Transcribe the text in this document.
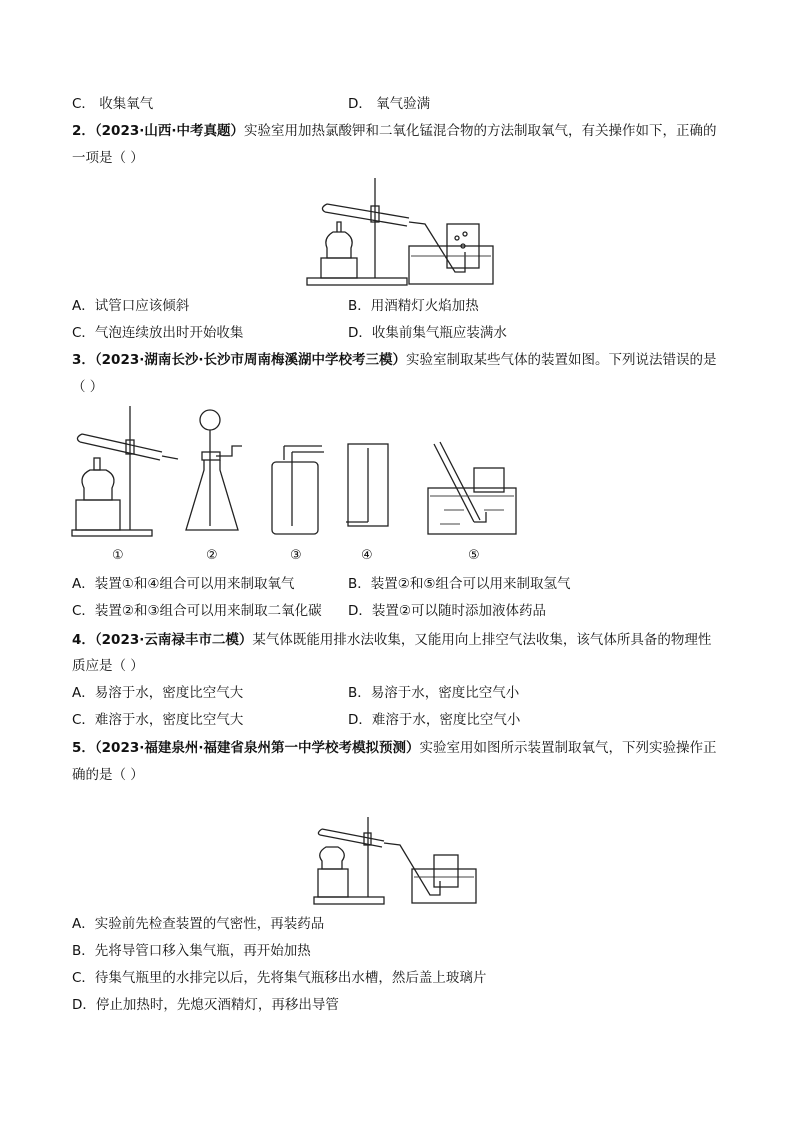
C． 收集氧气	D． 氧气验满
2．（2023·山西·中考真题）实验室用加热氯酸钾和二氧化锰混合物的方法制取氧气，有关操作如下，正确的
一项是（ ）
A．试管口应该倾斜	B．用酒精灯火焰加热
C．气泡连续放出时开始收集	D．收集前集气瓶应装满水
3．（2023·湖南长沙·长沙市周南梅溪湖中学校考三模）实验室制取某些气体的装置如图。下列说法错误的是
（ ）
①	②	③	④	⑤
A．装置①和④组合可以用来制取氧气	B．装置②和⑤组合可以用来制取氢气
C．装置②和③组合可以用来制取二氧化碳 D．装置②可以随时添加液体药品
4．（2023·云南禄丰市二模）某气体既能用排水法收集，又能用向上排空气法收集，该气体所具备的物理性
质应是（ ）
A．易溶于水，密度比空气大	B．易溶于水，密度比空气小
C．难溶于水，密度比空气大	D．难溶于水，密度比空气小
5．（2023·福建泉州·福建省泉州第一中学校考模拟预测）实验室用如图所示装置制取氧气，下列实验操作正
确的是（ ）
A．实验前先检查装置的气密性，再装药品
B．先将导管口移入集气瓶，再开始加热
C．待集气瓶里的水排完以后，先将集气瓶移出水槽，然后盖上玻璃片
D．停止加热时，先熄灭酒精灯，再移出导管
